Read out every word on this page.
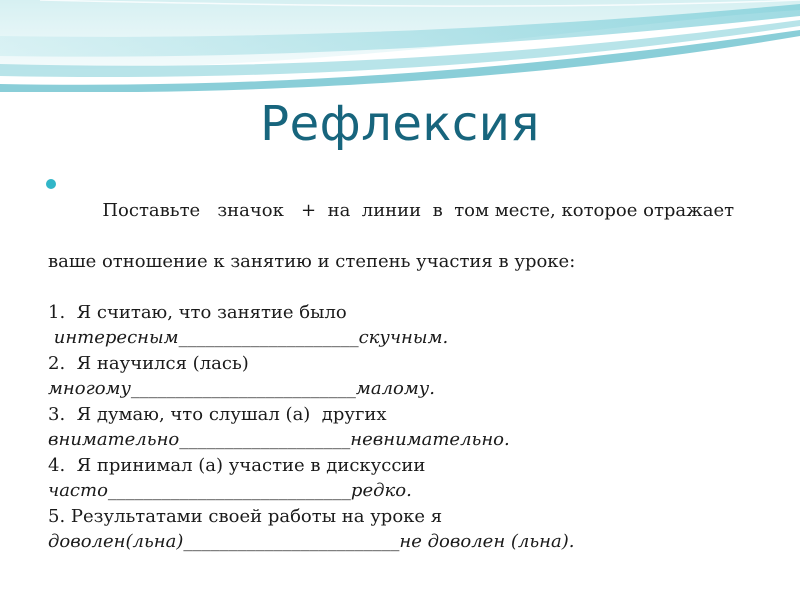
Рефлексия

Поставьте   значок   +  на  линии  в  том месте, которое отражает

ваше отношение к занятию и степень участия в уроке:
1.  Я считаю, что занятие было
интересным____________________скучным.
2.  Я научился (лась)
многому_________________________малому.
3.  Я думаю, что слушал (а)  других
внимательно___________________невнимательно.
4.  Я принимал (а) участие в дискуссии
часто___________________________редко.
5. Результатами своей работы на уроке я
доволен(льна)________________________не доволен (льна).
